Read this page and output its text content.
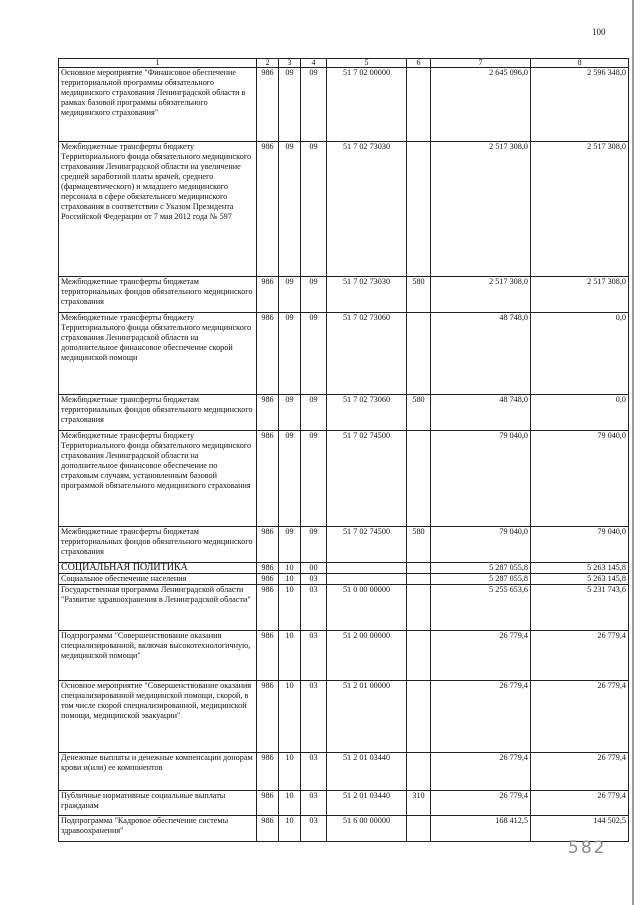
100
1	2	3	4	5	6	7	8
Основное мероприятие "Финансовое обеспечение территориальной программы обязательного медицинского страхования Ленинградской области в рамках базовой программы обязательного медицинского страхования"	986	09	09	51 7 02 00000		2 645 096,0	2 596 348,0
Межбюджетные трансферты бюджету Территориального фонда обязательного медицинского страхования Ленинградской области на увеличение средней заработной платы врачей, среднего (фармацевтического) и младшего медицинского персонала в сфере обязательного медицинского страхования в соответствии с Указом Президента Российской Федерации от 7 мая 2012 года № 597	986	09	09	51 7 02 73030		2 517 308,0	2 517 308,0
Межбюджетные трансферты бюджетам территориальных фондов обязательного медицинского страхования	986	09	09	51 7 02 73030	580	2 517 308,0	2 517 308,0
Межбюджетные трансферты бюджету Территориального фонда обязательного медицинского страхования Ленинградской области на дополнительное финансовое обеспечение скорой медицинской помощи	986	09	09	51 7 02 73060		48 748,0	0,0
Межбюджетные трансферты бюджетам территориальных фондов обязательного медицинского страхования	986	09	09	51 7 02 73060	580	48 748,0	0,0
Межбюджетные трансферты бюджету Территориального фонда обязательного медицинского страхования Ленинградской области на дополнительное финансовое обеспечение по страховым случаям, установленным базовой программой обязательного медицинского страхования	986	09	09	51 7 02 74500		79 040,0	79 040,0
Межбюджетные трансферты бюджетам территориальных фондов обязательного медицинского страхования	986	09	09	51 7 02 74500	580	79 040,0	79 040,0
СОЦИАЛЬНАЯ ПОЛИТИКА	986	10	00			5 287 055,8	5 263 145,8
Социальное обеспечение населения	986	10	03			5 287 055,8	5 263 145,8
Государственная программа Ленинградской области "Развитие здравоохранения в Ленинградской области"	986	10	03	51 0 00 00000		5 255 653,6	5 231 743,6
Подпрограмма "Совершенствование оказания специализированной, включая высокотехнологичную, медицинской помощи"	986	10	03	51 2 00 00000		26 779,4	26 779,4
Основное мероприятие "Совершенствование оказания специализированной медицинской помощи, скорой, в том числе скорой специализированной, медицинской помощи, медицинской эвакуации"	986	10	03	51 2 01 00000		26 779,4	26 779,4
Денежные выплаты и денежные компенсации донорам крови и(или) ее компонентов	986	10	03	51 2 01 03440		26 779,4	26 779,4
Публичные нормативные социальные выплаты гражданам	986	10	03	51 2 01 03440	310	26 779,4	26 779,4
Подпрограмма "Кадровое обеспечение системы здравоохранения"	986	10	03	51 6 00 00000		168 412,5	144 502,5
582
